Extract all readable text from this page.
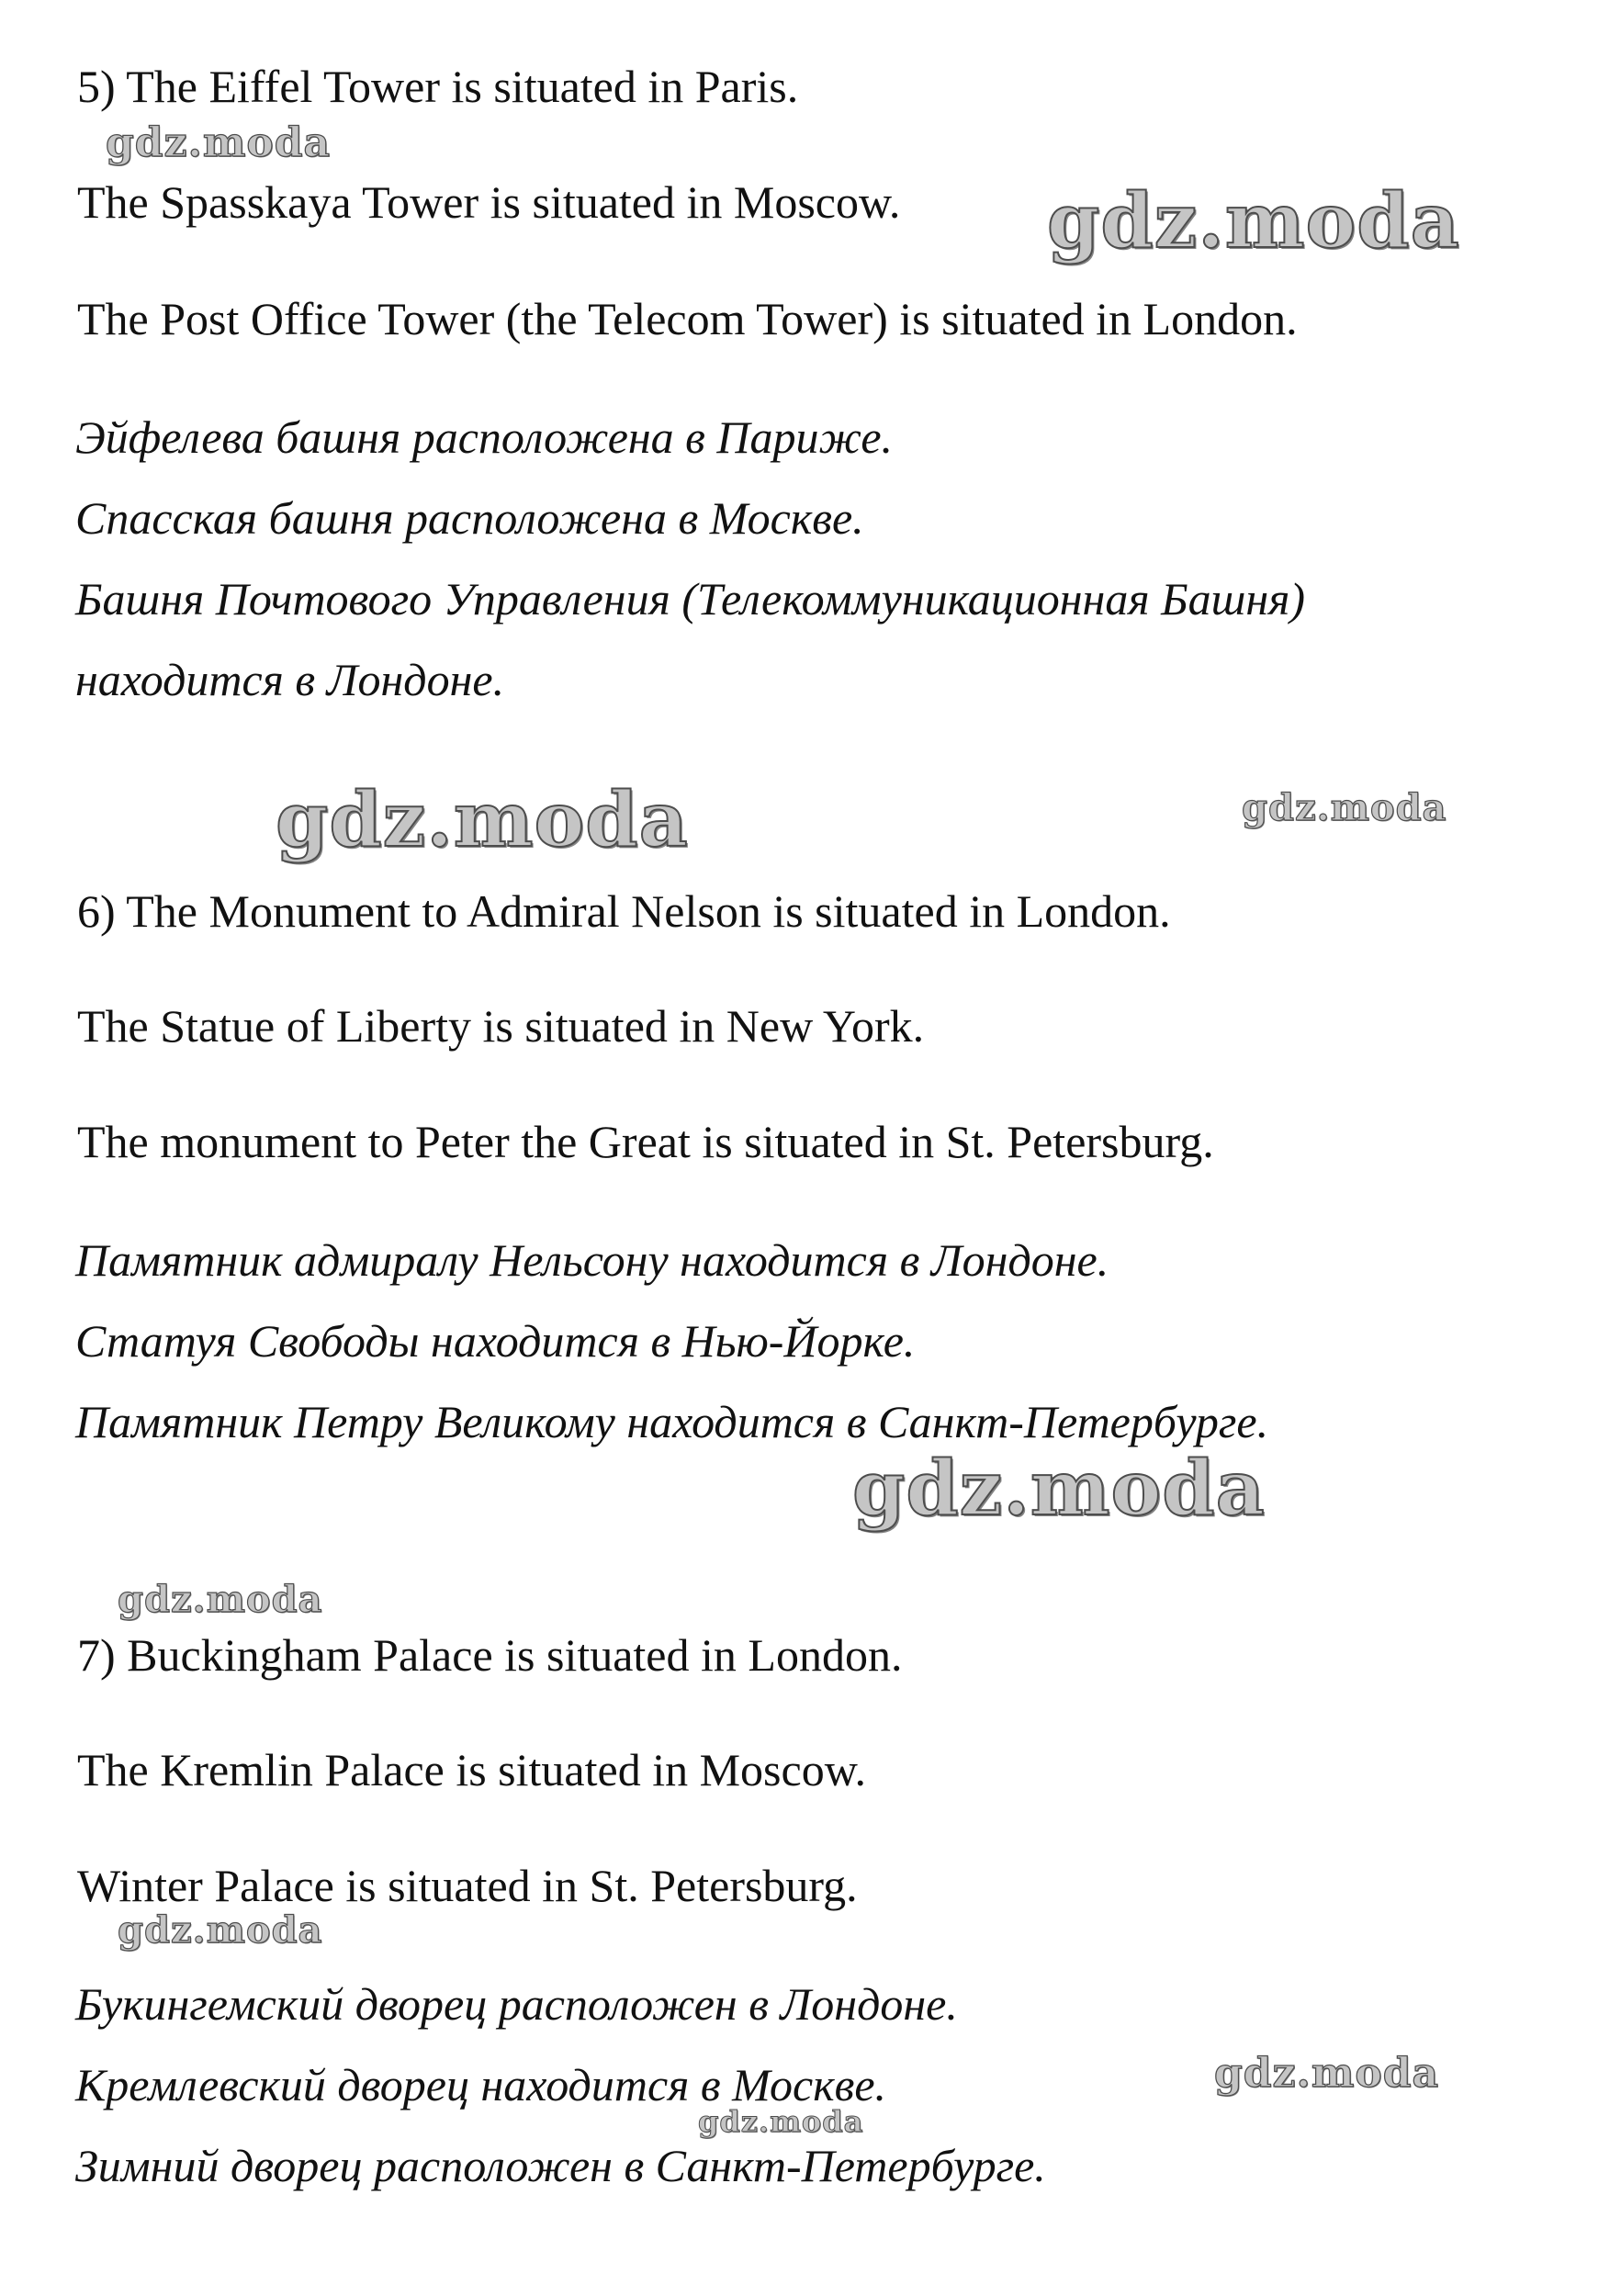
5) The Eiffel Tower is situated in Paris.

The Spasskaya Tower is situated in Moscow.

The Post Office Tower (the Telecom Tower) is situated in London.

Эйфелева башня расположена в Париже.

Спасская башня расположена в Москве.

Башня Почтового Управления (Телекоммуникационная Башня)

находится в Лондоне.

6) The Monument to Admiral Nelson is situated in London.

The Statue of Liberty is situated in New York.

The monument to Peter the Great is situated in St. Petersburg.

Памятник адмиралу Нельсону находится в Лондоне.

Статуя Свободы находится в Нью-Йорке.

Памятник Петру Великому находится в Санкт-Петербурге.

7) Buckingham Palace is situated in London.

The Kremlin Palace is situated in Moscow.

Winter Palace is situated in St. Petersburg.

Букингемский дворец расположен в Лондоне.

Кремлевский дворец находится в Москве.

Зимний дворец расположен в Санкт-Петербурге.

gdz.moda
gdz.moda
gdz.moda	gdz.moda
gdz.moda
gdz.moda
gdz.moda
gdz.moda
gdz.moda
